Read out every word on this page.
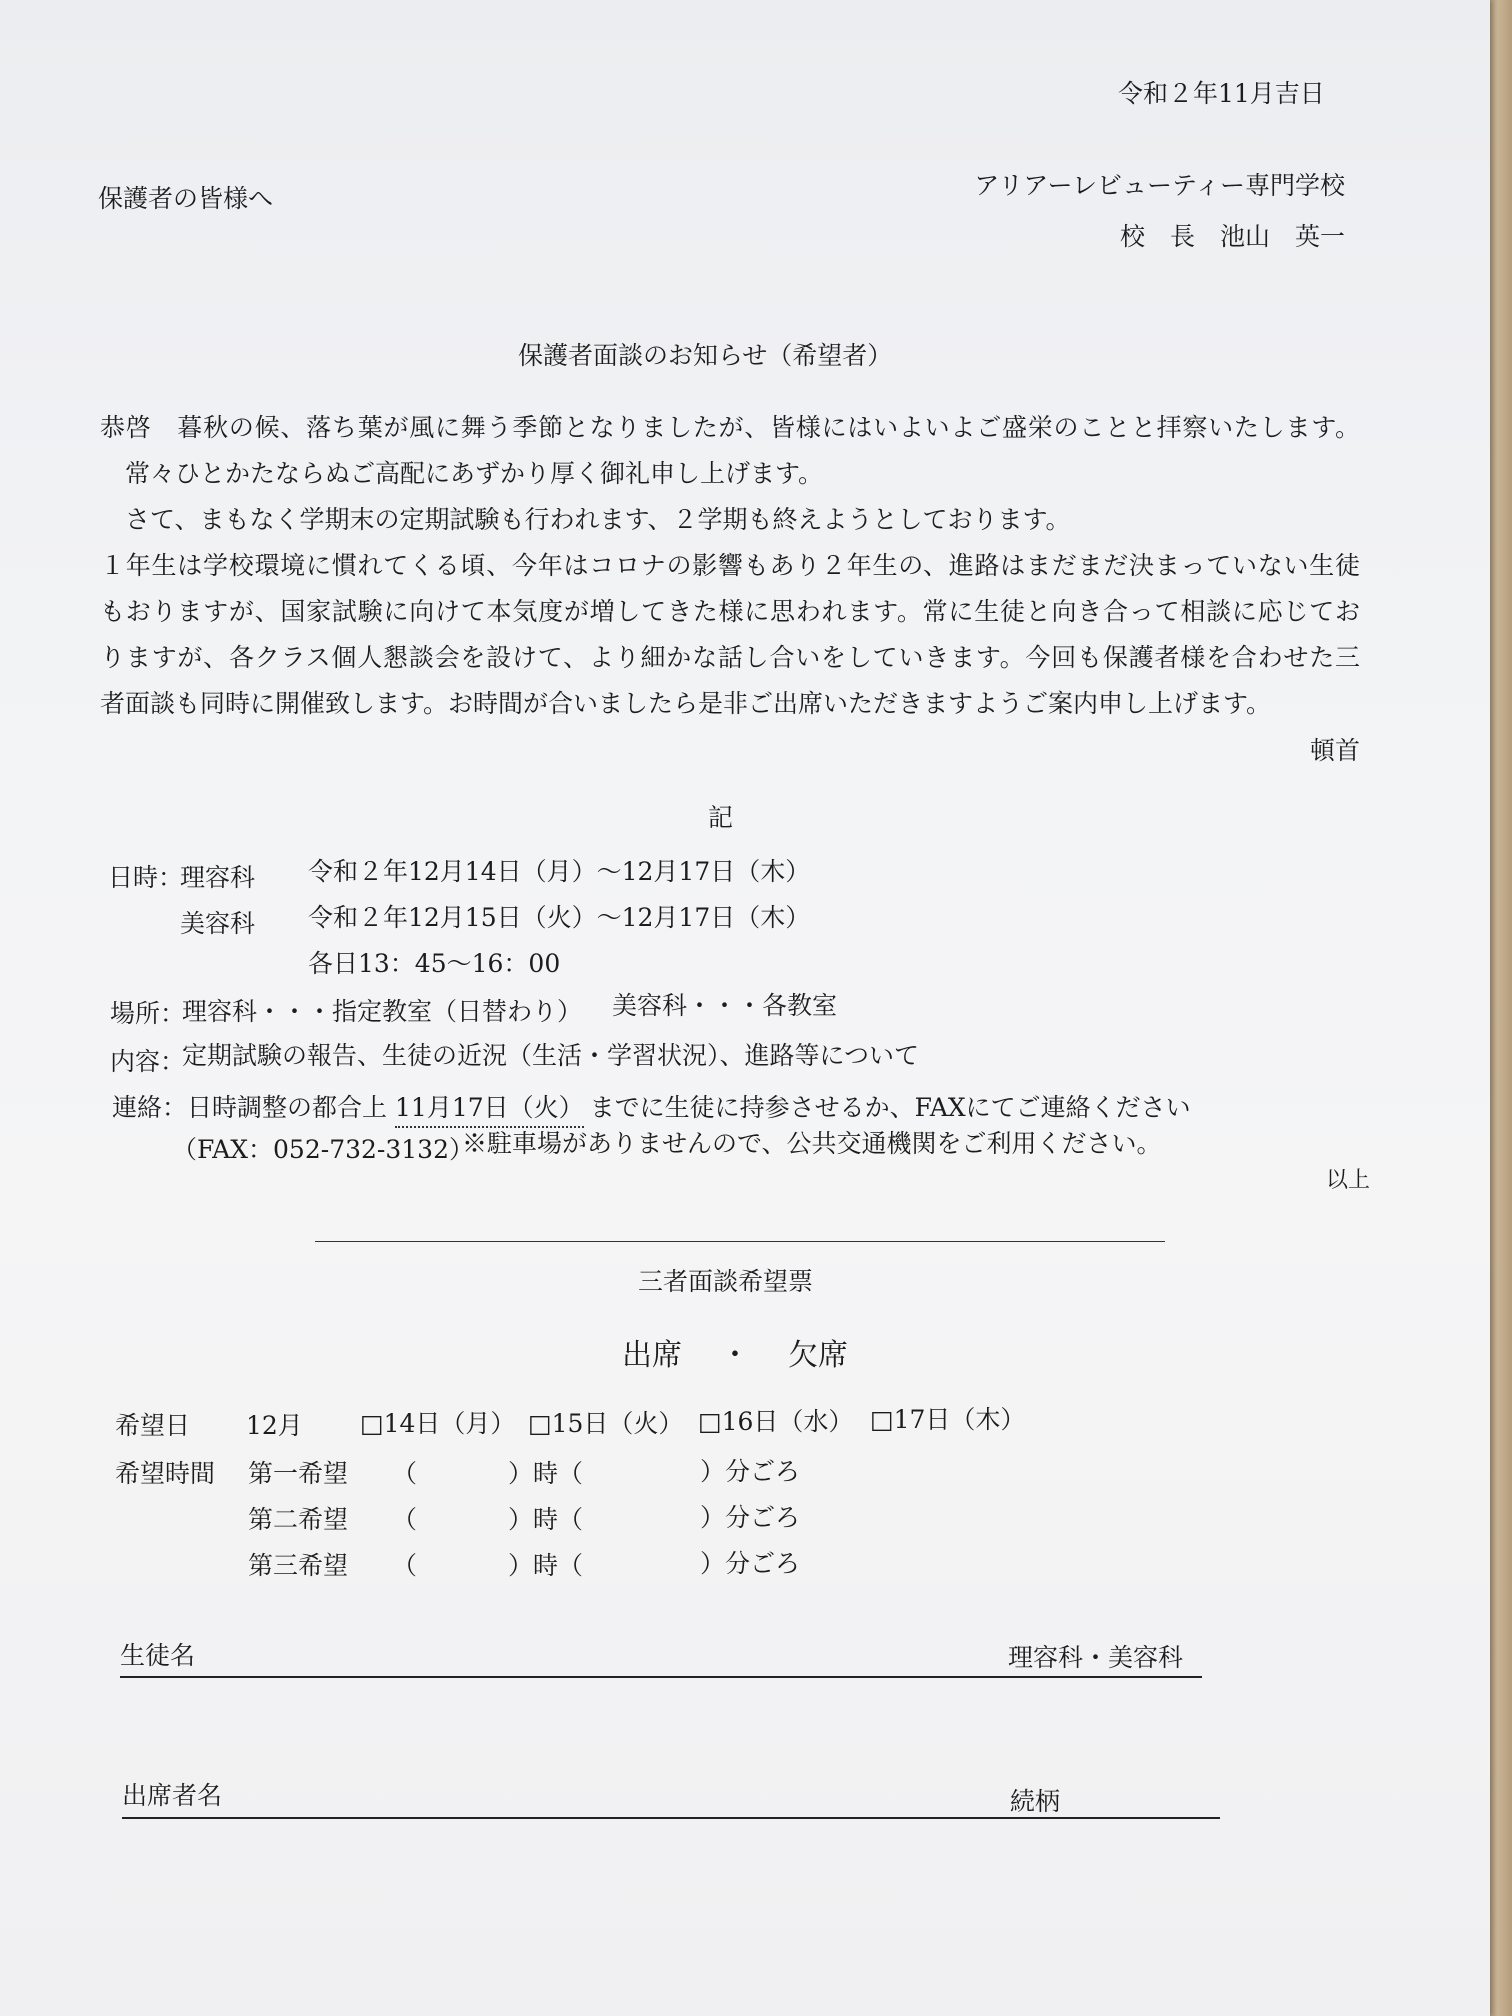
令和２年11月吉日
保護者の皆様へ	アリアーレビューティー専門学校
校　長　池山　英一
保護者面談のお知らせ（希望者）
恭啓　暮秋の候、落ち葉が風に舞う季節となりましたが、皆様にはいよいよご盛栄のことと拝察いたします。
　常々ひとかたならぬご高配にあずかり厚く御礼申し上げます。
　さて、まもなく学期末の定期試験も行われます、２学期も終えようとしております。
１年生は学校環境に慣れてくる頃、今年はコロナの影響もあり２年生の、進路はまだまだ決まっていない生徒
もおりますが、国家試験に向けて本気度が増してきた様に思われます。常に生徒と向き合って相談に応じてお
りますが、各クラス個人懇談会を設けて、より細かな話し合いをしていきます。今回も保護者様を合わせた三
者面談も同時に開催致します。お時間が合いましたら是非ご出席いただきますようご案内申し上げます。
頓首
記
日時：
理容科 令和２年12月14日（月）～12月17日（木）
美容科 令和２年12月15日（火）～12月17日（木）
各日13：45～16：00
場所：
理容科・・・指定教室（日替わり） 美容科・・・各教室
内容：
定期試験の報告、生徒の近況（生活・学習状況）、進路等について
連絡： 日時調整の都合上 11月17日（火） までに生徒に持参させるか、FAXにてご連絡ください
（FAX：052-732-3132）
※駐車場がありませんので、公共交通機関をご利用ください。
以上
三者面談希望票
出席 ・ 欠席
希望日 12月 □14日（月） □15日（火） □16日（水） □17日（木）
希望時間 第一希望 （	）時（	）分ごろ
第二希望 （	）時（	）分ごろ
第三希望 （	）時（	）分ごろ
生徒名	理容科・美容科
出席者名	続柄
